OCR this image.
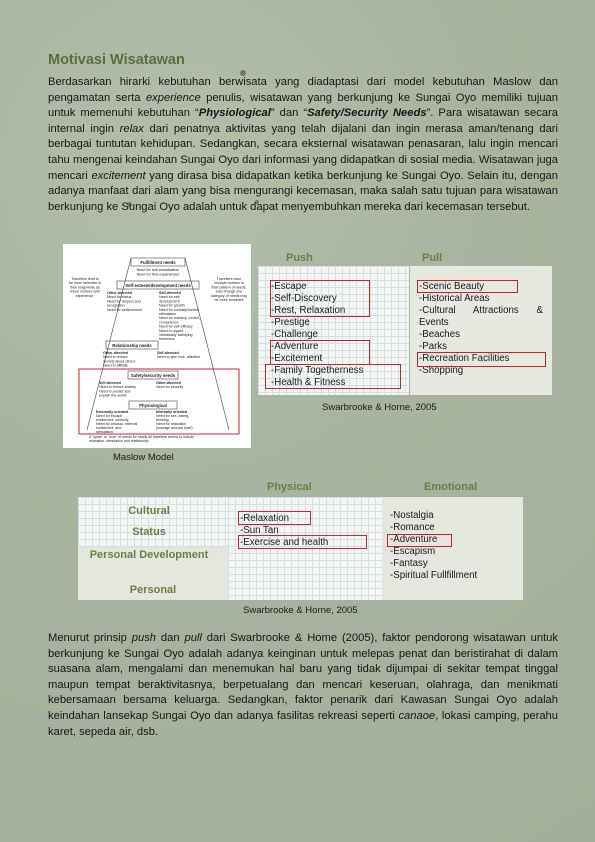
Motivasi Wisatawan
Berdasarkan hirarki kebutuhan berwisata yang diadaptasi dari model kebutuhan Maslow dan pengamatan serta experience penulis, wisatawan yang berkunjung ke Sungai Oyo memiliki tujuan untuk memenuhi kebutuhan “Physiological” dan “Safety/Security Needs”. Para wisatawan secara internal ingin relax dari penatnya aktivitas yang telah dijalani dan ingin merasa aman/tenang dari berbagai tuntutan kehidupan. Sedangkan, secara eksternal wisatawan penasaran, lalu ingin mencari tahu mengenai keindahan Sungai Oyo dari informasi yang didapatkan di sosial media. Wisatawan juga mencari excitement yang dirasa bisa didapatkan ketika berkunjung ke Sungai Oyo. Selain itu, dengan adanya manfaat dari alam yang bisa mengurangi kecemasan, maka salah satu tujuan para wisatawan berkunjung ke Sungai Oyo adalah untuk dapat menyembuhkan mereka dari kecemasan tersebut.
Travellers tend to
be more selective in
their magnitude as
travel motives with
experience.
Travellers have
multiple motives in
their pattern of needs,
even though one
category of needs may
be more dominant
Fulfillment needs
Need for self-actualization
Need for flow experiences
Self-esteem/development needs
Other-directed
Need for status
Need for respect and
recognition
Need for achievement
Self-directed
Need for self-
development
Need for growth
Need for curiosity/mental
stimulation
Need for mastery, control,
competence
Need for self-efficacy
Need to regard
intrinsically satisfying
behaviors
Relationship needs
Other-directed
Need to reduce
anxiety about others
Need to affiliate
Self-directed
Need to give love, affection
Safety/security needs
Self-directed
Need to reduce anxiety
Need to predict and
explain the world
Other-directed
Need for security
Physiological
Externally oriented
Need for escape
excitement, curiosity
Need for arousal, external
excitement, and
stimulation
Internally oriented
Need for sex, eating,
drinking
Need for relaxation
(manage arousal level)
A "spine" or "core" of needs for nearly all travellers seems to include
relaxation, stimulation and relationship
Maslow Model
Push	Pull
-Escape
-Self-Discovery
-Rest, Relaxation
-Prestige
-Challenge
-Adventure
-Excitement
-Family Togetherness
-Health & Fitness
-Scenic Beauty
-Historical Areas
-Cultural Attractions & Events
-Beaches
-Parks
-Recreation Facilities
-Shopping
Swarbrooke & Horne, 2005
Physical	Emotional
-Relaxation
-Sun Tan
-Exercise and health
-Nostalgia
-Romance
-Adventure
-Escapism
-Fantasy
-Spiritual Fullfillment
Cultural
Status
Personal Development
Personal
Swarbrooke & Horne, 2005
Menurut prinsip push dan pull dari Swarbrooke & Home (2005), faktor pendorong wisatawan untuk berkunjung ke Sungai Oyo adalah adanya keinginan untuk melepas penat dan beristirahat di dalam suasana alam, mengalami dan menemukan hal baru yang tidak dijumpai di sekitar tempat tinggal maupun tempat beraktivitasnya, berpetualang dan mencari keseruan, olahraga, dan menikmati kebersamaan bersama keluarga. Sedangkan, faktor penarik dari Kawasan Sungai Oyo adalah keindahan lansekap Sungai Oyo dan adanya fasilitas rekreasi seperti canaoe, lokasi camping, perahu karet, sepeda air, dsb.
